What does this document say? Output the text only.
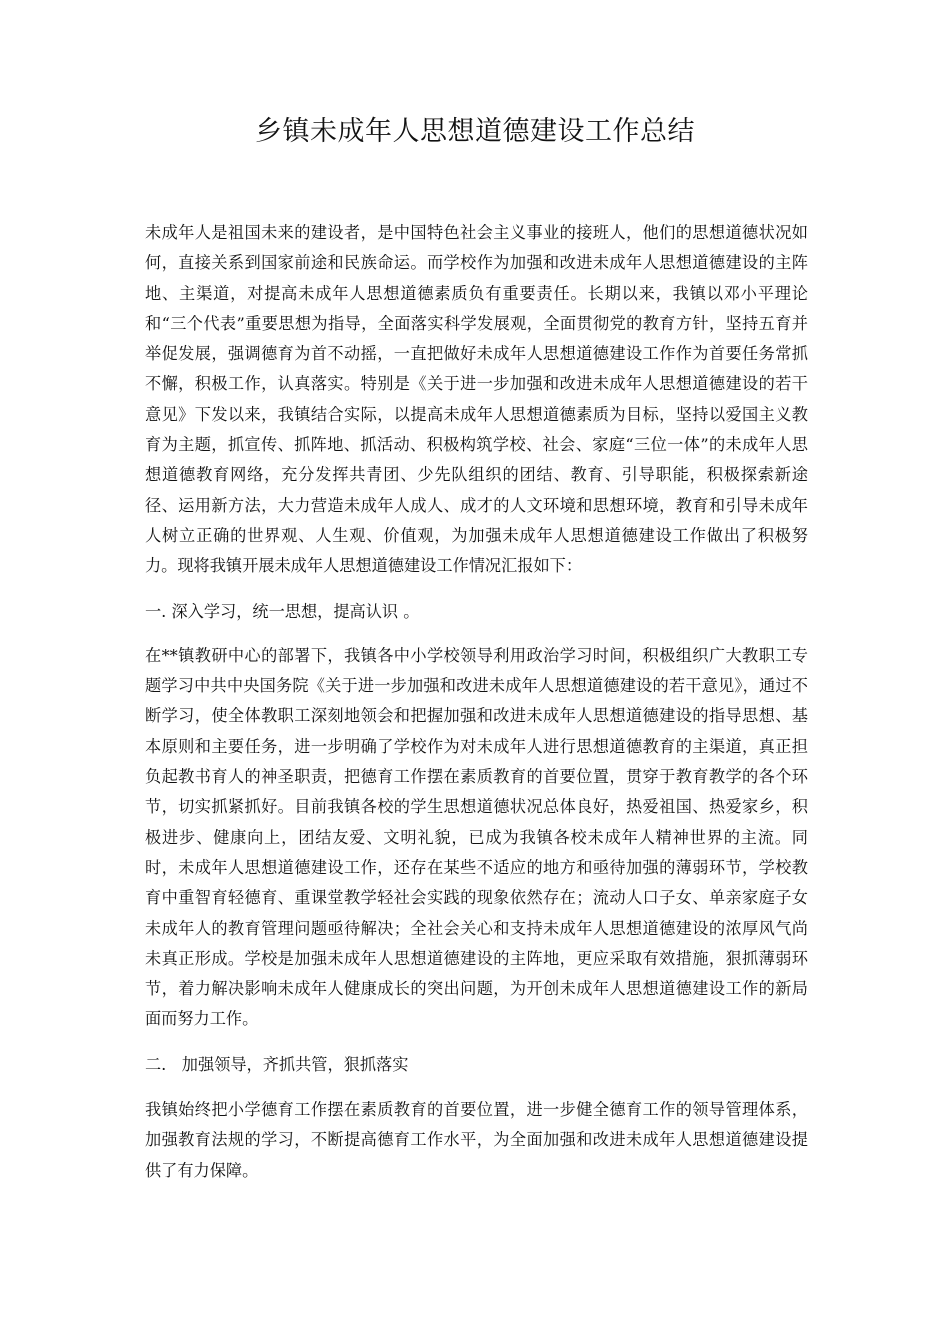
乡镇未成年人思想道德建设工作总结

未成年人是祖国未来的建设者，是中国特色社会主义事业的接班人，他们的思想道德状况如何，直接关系到国家前途和民族命运。而学校作为加强和改进未成年人思想道德建设的主阵地、主渠道，对提高未成年人思想道德素质负有重要责任。长期以来，我镇以邓小平理论和“三个代表”重要思想为指导，全面落实科学发展观，全面贯彻党的教育方针，坚持五育并举促发展，强调德育为首不动摇，一直把做好未成年人思想道德建设工作作为首要任务常抓不懈，积极工作，认真落实。特别是《关于进一步加强和改进未成年人思想道德建设的若干意见》下发以来，我镇结合实际，以提高未成年人思想道德素质为目标，坚持以爱国主义教育为主题，抓宣传、抓阵地、抓活动、积极构筑学校、社会、家庭“三位一体”的未成年人思想道德教育网络，充分发挥共青团、少先队组织的团结、教育、引导职能，积极探索新途径、运用新方法，大力营造未成年人成人、成才的人文环境和思想环境，教育和引导未成年人树立正确的世界观、人生观、价值观，为加强未成年人思想道德建设工作做出了积极努力。现将我镇开展未成年人思想道德建设工作情况汇报如下：

一. 深入学习，统一思想，提高认识 。

在**镇教研中心的部署下，我镇各中小学校领导利用政治学习时间，积极组织广大教职工专题学习中共中央国务院《关于进一步加强和改进未成年人思想道德建设的若干意见》，通过不断学习，使全体教职工深刻地领会和把握加强和改进未成年人思想道德建设的指导思想、基本原则和主要任务，进一步明确了学校作为对未成年人进行思想道德教育的主渠道，真正担负起教书育人的神圣职责，把德育工作摆在素质教育的首要位置，贯穿于教育教学的各个环节，切实抓紧抓好。目前我镇各校的学生思想道德状况总体良好，热爱祖国、热爱家乡，积极进步、健康向上，团结友爱、文明礼貌，已成为我镇各校未成年人精神世界的主流。同时，未成年人思想道德建设工作，还存在某些不适应的地方和亟待加强的薄弱环节，学校教育中重智育轻德育、重课堂教学轻社会实践的现象依然存在；流动人口子女、单亲家庭子女未成年人的教育管理问题亟待解决；全社会关心和支持未成年人思想道德建设的浓厚风气尚未真正形成。学校是加强未成年人思想道德建设的主阵地，更应采取有效措施，狠抓薄弱环节，着力解决影响未成年人健康成长的突出问题，为开创未成年人思想道德建设工作的新局面而努力工作。

二.   加强领导，齐抓共管，狠抓落实

我镇始终把小学德育工作摆在素质教育的首要位置，进一步健全德育工作的领导管理体系，加强教育法规的学习，不断提高德育工作水平，为全面加强和改进未成年人思想道德建设提供了有力保障。
